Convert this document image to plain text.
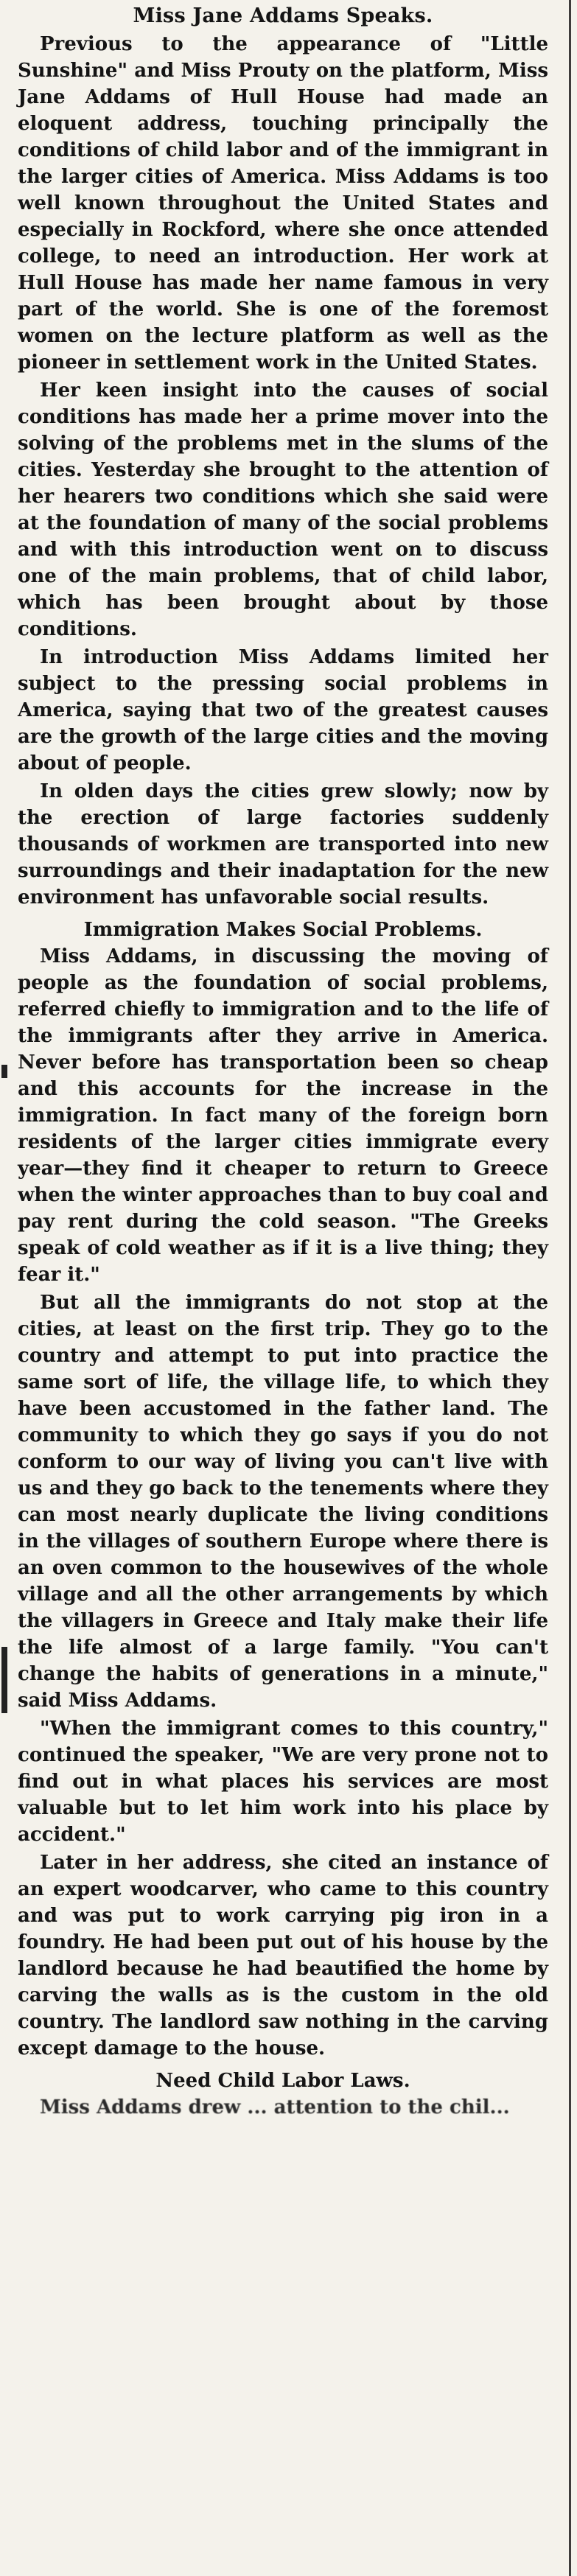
Miss Jane Addams Speaks.

Previous to the appearance of "Little Sunshine" and Miss Prouty on the platform, Miss Jane Addams of Hull House had made an eloquent address, touching principally the conditions of child labor and of the immigrant in the larger cities of America. Miss Addams is too well known throughout the United States and especially in Rockford, where she once attended college, to need an introduction. Her work at Hull House has made her name famous in very part of the world. She is one of the foremost women on the lecture platform as well as the pioneer in settlement work in the United States.

Her keen insight into the causes of social conditions has made her a prime mover into the solving of the problems met in the slums of the cities. Yesterday she brought to the attention of her hearers two conditions which she said were at the foundation of many of the social problems and with this introduction went on to discuss one of the main problems, that of child labor, which has been brought about by those conditions.

In introduction Miss Addams limited her subject to the pressing social problems in America, saying that two of the greatest causes are the growth of the large cities and the moving about of people.

In olden days the cities grew slowly; now by the erection of large factories suddenly thousands of workmen are transported into new surroundings and their inadaptation for the new environment has unfavorable social results.

Immigration Makes Social Problems.

Miss Addams, in discussing the moving of people as the foundation of social problems, referred chiefly to immigration and to the life of the immigrants after they arrive in America. Never before has transportation been so cheap and this accounts for the increase in the immigration. In fact many of the foreign born residents of the larger cities immigrate every year—they find it cheaper to return to Greece when the winter approaches than to buy coal and pay rent during the cold season. "The Greeks speak of cold weather as if it is a live thing; they fear it."

But all the immigrants do not stop at the cities, at least on the first trip. They go to the country and attempt to put into practice the same sort of life, the village life, to which they have been accustomed in the father land. The community to which they go says if you do not conform to our way of living you can't live with us and they go back to the tenements where they can most nearly duplicate the living conditions in the villages of southern Europe where there is an oven common to the housewives of the whole village and all the other arrangements by which the villagers in Greece and Italy make their life the life almost of a large family. "You can't change the habits of generations in a minute," said Miss Addams.

"When the immigrant comes to this country," continued the speaker, "We are very prone not to find out in what places his services are most valuable but to let him work into his place by accident."

Later in her address, she cited an instance of an expert woodcarver, who came to this country and was put to work carrying pig iron in a foundry. He had been put out of his house by the landlord because he had beautified the home by carving the walls as is the custom in the old country. The landlord saw nothing in the carving except damage to the house.

Need Child Labor Laws.

Miss Addams drew ... attention to the chil...
